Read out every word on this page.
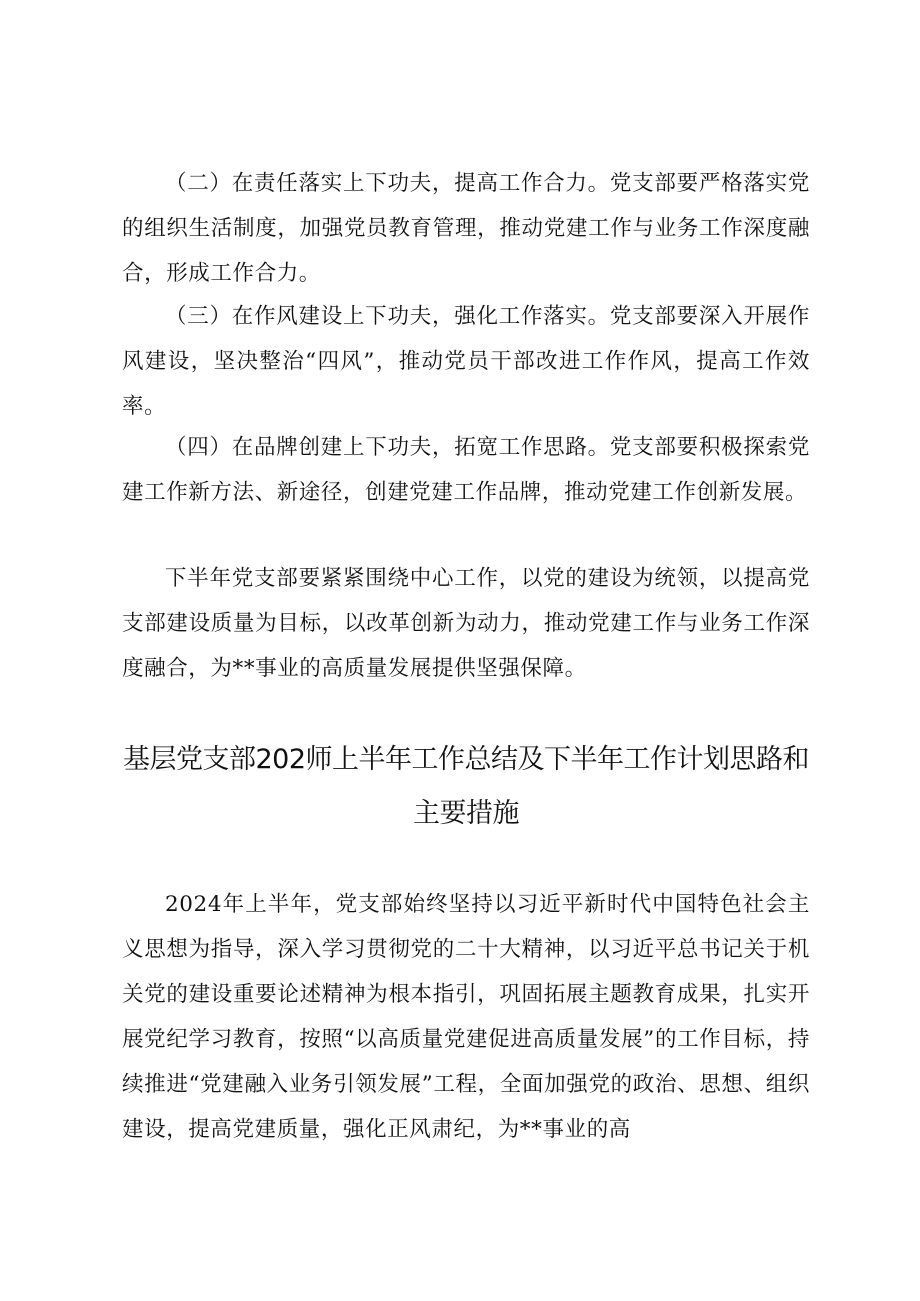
（二）在责任落实上下功夫，提高工作合力。党支部要严格落实党的组织生活制度，加强党员教育管理，推动党建工作与业务工作深度融合，形成工作合力。

（三）在作风建设上下功夫，强化工作落实。党支部要深入开展作风建设，坚决整治“四风”，推动党员干部改进工作作风，提高工作效率。

（四）在品牌创建上下功夫，拓宽工作思路。党支部要积极探索党建工作新方法、新途径，创建党建工作品牌，推动党建工作创新发展。

下半年党支部要紧紧围绕中心工作，以党的建设为统领，以提高党支部建设质量为目标，以改革创新为动力，推动党建工作与业务工作深度融合，为**事业的高质量发展提供坚强保障。

基层党支部202师上半年工作总结及下半年工作计划思路和主要措施

2024年上半年，党支部始终坚持以习近平新时代中国特色社会主义思想为指导，深入学习贯彻党的二十大精神，以习近平总书记关于机关党的建设重要论述精神为根本指引，巩固拓展主题教育成果，扎实开展党纪学习教育，按照“以高质量党建促进高质量发展”的工作目标，持续推进“党建融入业务引领发展”工程，全面加强党的政治、思想、组织建设，提高党建质量，强化正风肃纪，为**事业的高
